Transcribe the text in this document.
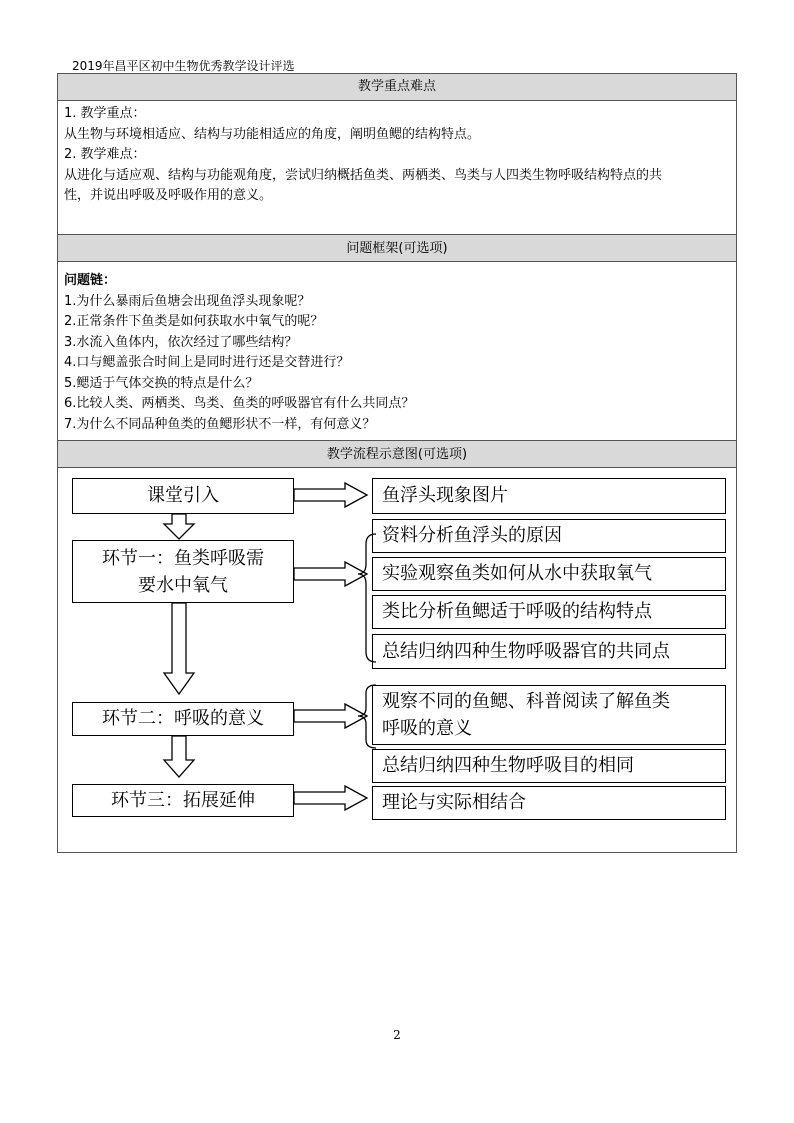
2019年昌平区初中生物优秀教学设计评选
教学重点难点
1. 教学重点：
从生物与环境相适应、结构与功能相适应的角度，阐明鱼鳃的结构特点。
2. 教学难点：
从进化与适应观、结构与功能观角度，尝试归纳概括鱼类、两栖类、鸟类与人四类生物呼吸结构特点的共
性，并说出呼吸及呼吸作用的意义。
问题框架(可选项)
问题链：
1.为什么暴雨后鱼塘会出现鱼浮头现象呢？
2.正常条件下鱼类是如何获取水中氧气的呢？
3.水流入鱼体内，依次经过了哪些结构？
4.口与鳃盖张合时间上是同时进行还是交替进行？
5.鳃适于气体交换的特点是什么？
6.比较人类、两栖类、鸟类、鱼类的呼吸器官有什么共同点？
7.为什么不同品种鱼类的鱼鳃形状不一样，有何意义？
教学流程示意图(可选项)
课堂引入
环节一：鱼类呼吸需
要水中氧气
环节二：呼吸的意义
环节三：拓展延伸
鱼浮头现象图片
资料分析鱼浮头的原因
实验观察鱼类如何从水中获取氧气
类比分析鱼鳃适于呼吸的结构特点
总结归纳四种生物呼吸器官的共同点
观察不同的鱼鳃、科普阅读了解鱼类
呼吸的意义
总结归纳四种生物呼吸目的相同
理论与实际相结合
2
